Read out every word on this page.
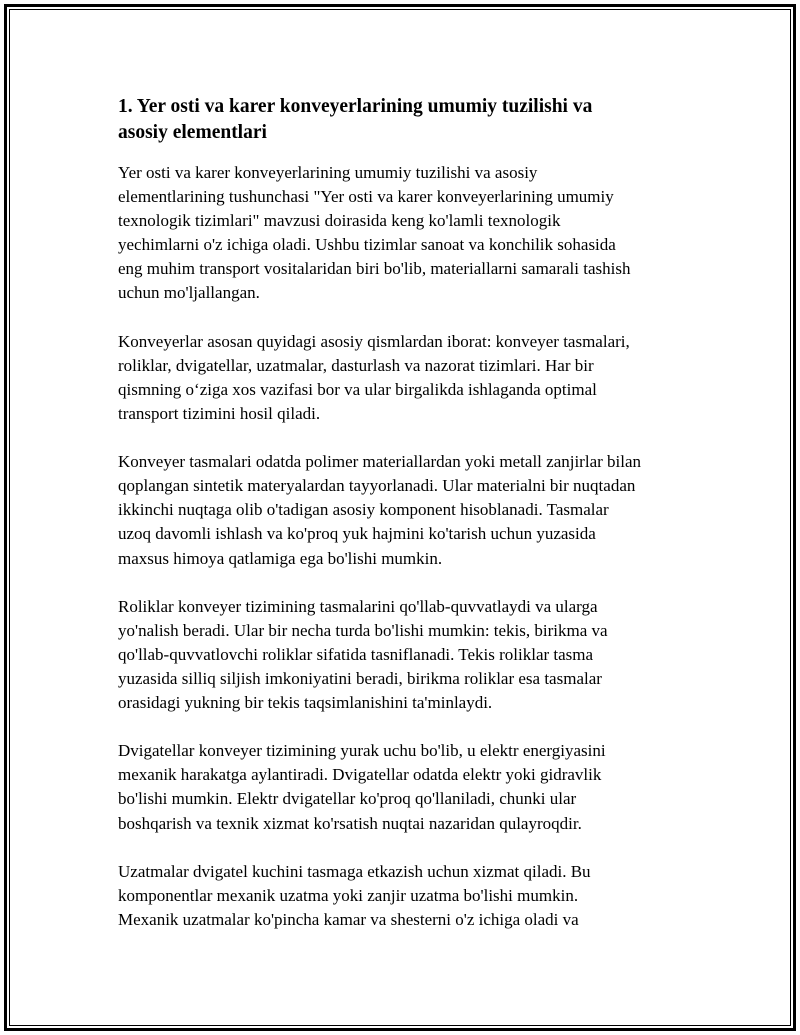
1. Yer osti va karer konveyerlarining umumiy tuzilishi va
asosiy elementlari

Yer osti va karer konveyerlarining umumiy tuzilishi va asosiy
elementlarining tushunchasi "Yer osti va karer konveyerlarining umumiy
texnologik tizimlari" mavzusi doirasida keng ko'lamli texnologik
yechimlarni o'z ichiga oladi. Ushbu tizimlar sanoat va konchilik sohasida
eng muhim transport vositalaridan biri bo'lib, materiallarni samarali tashish
uchun mo'ljallangan.

Konveyerlar asosan quyidagi asosiy qismlardan iborat: konveyer tasmalari,
roliklar, dvigatellar, uzatmalar, dasturlash va nazorat tizimlari. Har bir
qismning o‘ziga xos vazifasi bor va ular birgalikda ishlaganda optimal
transport tizimini hosil qiladi.

Konveyer tasmalari odatda polimer materiallardan yoki metall zanjirlar bilan
qoplangan sintetik materyalardan tayyorlanadi. Ular materialni bir nuqtadan
ikkinchi nuqtaga olib o'tadigan asosiy komponent hisoblanadi. Tasmalar
uzoq davomli ishlash va ko'proq yuk hajmini ko'tarish uchun yuzasida
maxsus himoya qatlamiga ega bo'lishi mumkin.

Roliklar konveyer tizimining tasmalarini qo'llab-quvvatlaydi va ularga
yo'nalish beradi. Ular bir necha turda bo'lishi mumkin: tekis, birikma va
qo'llab-quvvatlovchi roliklar sifatida tasniflanadi. Tekis roliklar tasma
yuzasida silliq siljish imkoniyatini beradi, birikma roliklar esa tasmalar
orasidagi yukning bir tekis taqsimlanishini ta'minlaydi.

Dvigatellar konveyer tizimining yurak uchu bo'lib, u elektr energiyasini
mexanik harakatga aylantiradi. Dvigatellar odatda elektr yoki gidravlik
bo'lishi mumkin. Elektr dvigatellar ko'proq qo'llaniladi, chunki ular
boshqarish va texnik xizmat ko'rsatish nuqtai nazaridan qulayroqdir.

Uzatmalar dvigatel kuchini tasmaga etkazish uchun xizmat qiladi. Bu
komponentlar mexanik uzatma yoki zanjir uzatma bo'lishi mumkin.
Mexanik uzatmalar ko'pincha kamar va shesterni o'z ichiga oladi va
